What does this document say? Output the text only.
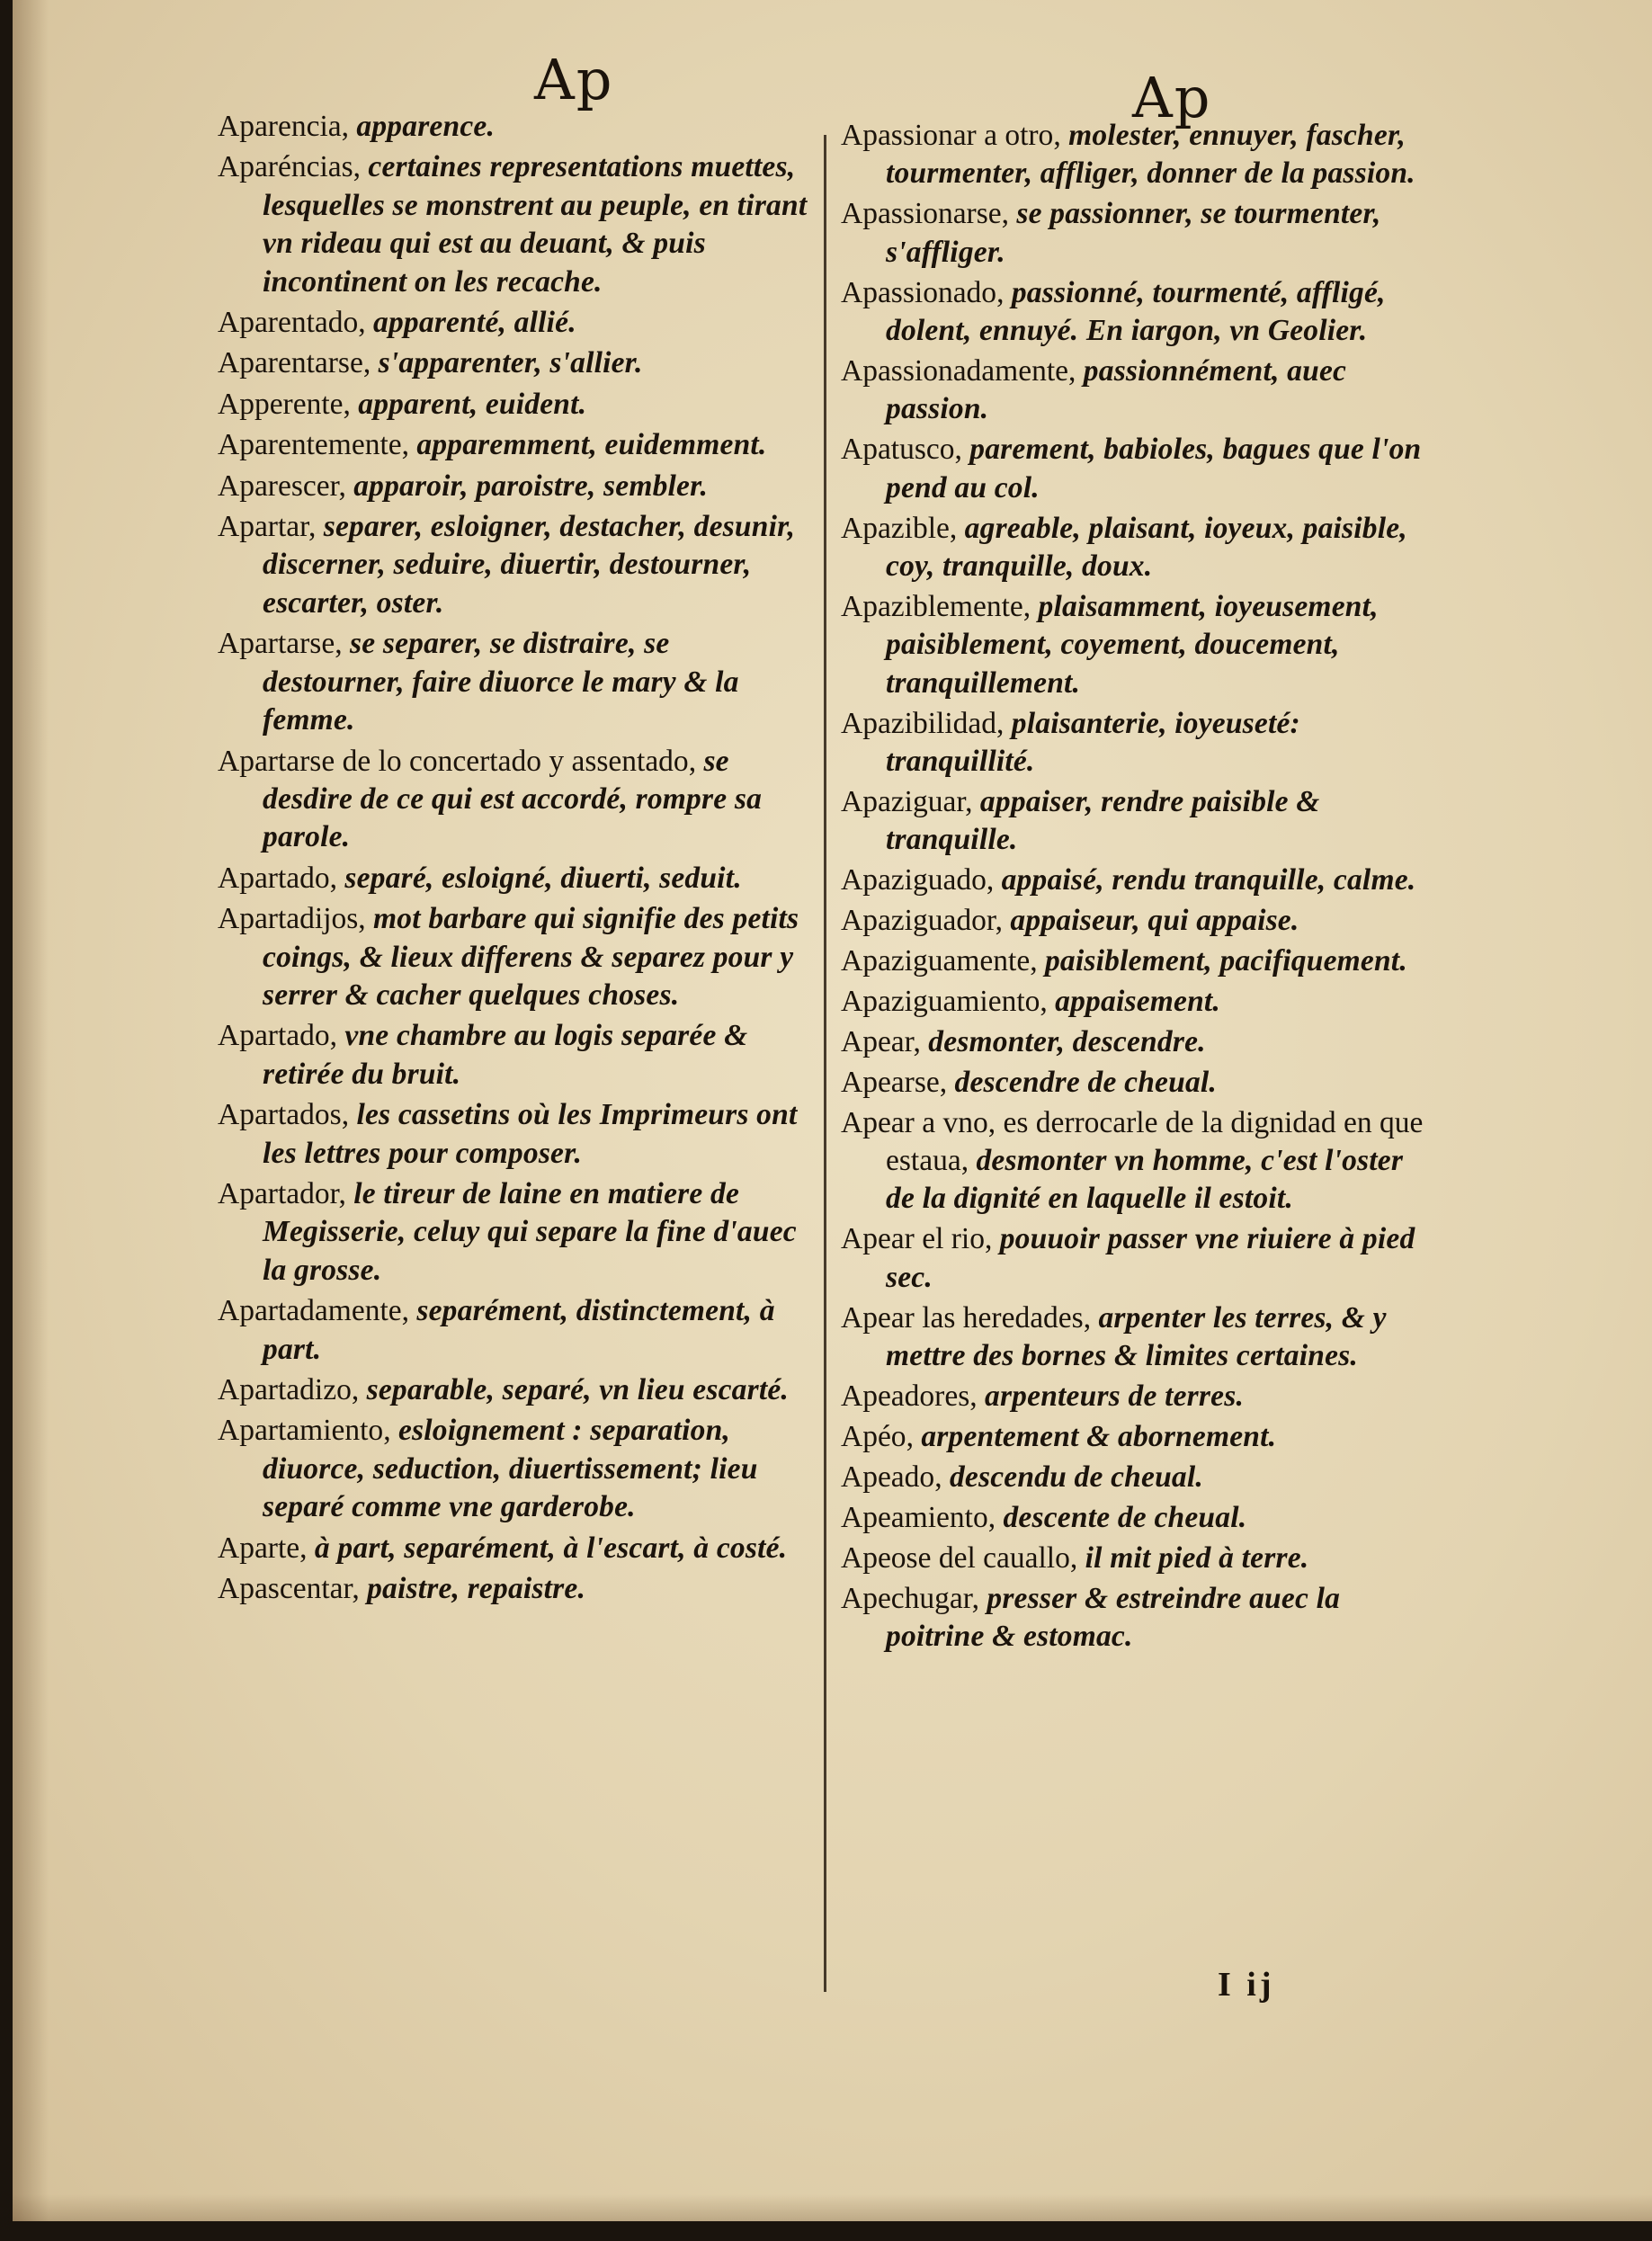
Ap	Ap

Aparencia, apparence.

Aparéncias, certaines representations muettes, lesquelles se monstrent au peuple, en tirant vn rideau qui est au deuant, & puis incontinent on les recache.

Aparentado, apparenté, allié.

Aparentarse, s'apparenter, s'allier.

Apperente, apparent, euident.

Aparentemente, apparemment, euidemment.

Aparescer, apparoir, paroistre, sembler.

Apartar, separer, esloigner, destacher, desunir, discerner, seduire, diuertir, destourner, escarter, oster.

Apartarse, se separer, se distraire, se destourner, faire diuorce le mary & la femme.

Apartarse de lo concertado y assentado, se desdire de ce qui est accordé, rompre sa parole.

Apartado, separé, esloigné, diuerti, seduit.

Apartadijos, mot barbare qui signifie des petits coings, & lieux differens & separez pour y serrer & cacher quelques choses.

Apartado, vne chambre au logis separée & retirée du bruit.

Apartados, les cassetins où les Imprimeurs ont les lettres pour composer.

Apartador, le tireur de laine en matiere de Megisserie, celuy qui separe la fine d'auec la grosse.

Apartadamente, separément, distinctement, à part.

Apartadizo, separable, separé, vn lieu escarté.

Apartamiento, esloignement : separation, diuorce, seduction, diuertissement; lieu separé comme vne garderobe.

Aparte, à part, separément, à l'escart, à costé.

Apascentar, paistre, repaistre.

Apassionar a otro, molester, ennuyer, fascher, tourmenter, affliger, donner de la passion.

Apassionarse, se passionner, se tourmenter, s'affliger.

Apassionado, passionné, tourmenté, affligé, dolent, ennuyé. En iargon, vn Geolier.

Apassionadamente, passionnément, auec passion.

Apatusco, parement, babioles, bagues que l'on pend au col.

Apazible, agreable, plaisant, ioyeux, paisible, coy, tranquille, doux.

Apaziblemente, plaisamment, ioyeusement, paisiblement, coyement, doucement, tranquillement.

Apazibilidad, plaisanterie, ioyeuseté: tranquillité.

Apaziguar, appaiser, rendre paisible & tranquille.

Apaziguado, appaisé, rendu tranquille, calme.

Apaziguador, appaiseur, qui appaise.

Apaziguamente, paisiblement, pacifiquement.

Apaziguamiento, appaisement.

Apear, desmonter, descendre.

Apearse, descendre de cheual.

Apear a vno, es derrocarle de la dignidad en que estaua, desmonter vn homme, c'est l'oster de la dignité en laquelle il estoit.

Apear el rio, pouuoir passer vne riuiere à pied sec.

Apear las heredades, arpenter les terres, & y mettre des bornes & limites certaines.

Apeadores, arpenteurs de terres.

Apéo, arpentement & abornement.

Apeado, descendu de cheual.

Apeamiento, descente de cheual.

Apeose del cauallo, il mit pied à terre.

Apechugar, presser & estreindre auec la poitrine & estomac.

I ij
